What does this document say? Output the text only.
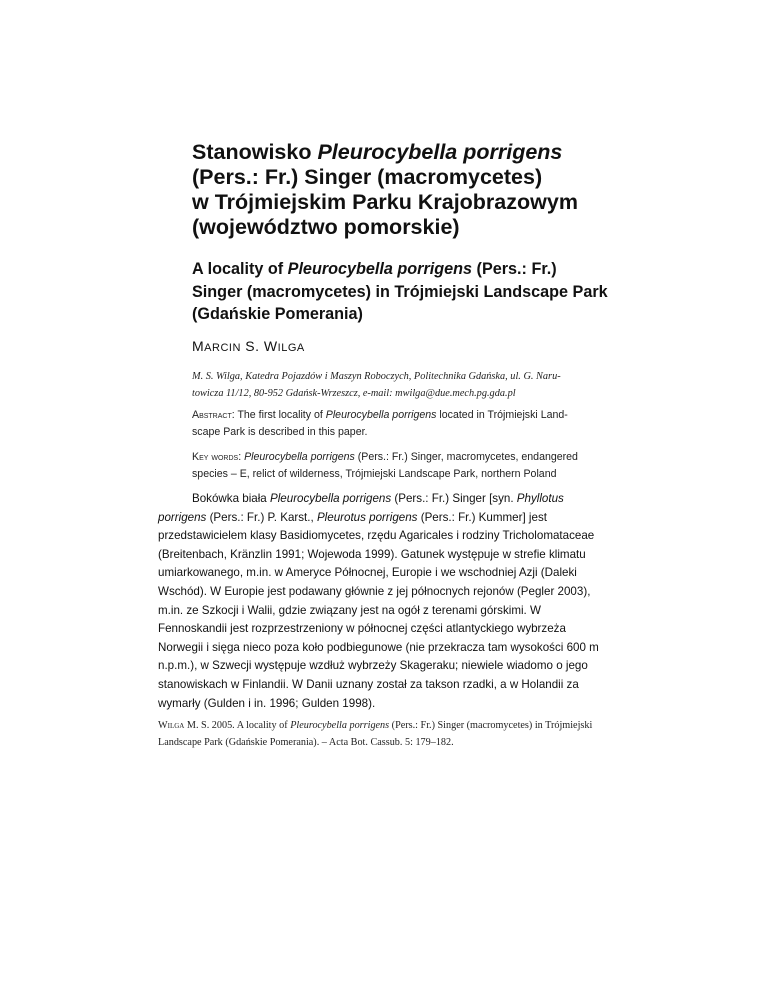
Stanowisko Pleurocybella porrigens
(Pers.: Fr.) Singer (macromycetes)
w Trójmiejskim Parku Krajobrazowym
(województwo pomorskie)
A locality of Pleurocybella porrigens (Pers.: Fr.)
Singer (macromycetes) in Trójmiejski Landscape Park
(Gdańskie Pomerania)
MARCIN S. WILGA
M. S. Wilga, Katedra Pojazdów i Maszyn Roboczych, Politechnika Gdańska, ul. G. Naru-
towicza 11/12, 80-952 Gdańsk-Wrzeszcz, e-mail: mwilga@due.mech.pg.gda.pl
Abstract: The first locality of Pleurocybella porrigens located in Trójmiejski Land-
scape Park is described in this paper.
Key words: Pleurocybella porrigens (Pers.: Fr.) Singer, macromycetes, endangered
species – E, relict of wilderness, Trójmiejski Landscape Park, northern Poland
Bokówka biała Pleurocybella porrigens (Pers.: Fr.) Singer [syn. Phyllotus porrigens (Pers.: Fr.) P. Karst., Pleurotus porrigens (Pers.: Fr.) Kummer] jest przedstawicielem klasy Basidiomycetes, rzędu Agaricales i rodziny Tricholomataceae (Breitenbach, Kränzlin 1991; Wojewoda 1999). Gatunek występuje w strefie klimatu umiarkowanego, m.in. w Ameryce Północnej, Europie i we wschodniej Azji (Daleki Wschód). W Europie jest podawany głównie z jej północnych rejonów (Pegler 2003), m.in. ze Szkocji i Walii, gdzie związany jest na ogół z terenami górskimi. W Fennoskandii jest rozprzestrzeniony w północnej części atlantyckiego wybrzeża Norwegii i sięga nieco poza koło podbiegunowe (nie przekracza tam wysokości 600 m n.p.m.), w Szwecji występuje wzdłuż wybrzeży Skageraku; niewiele wiadomo o jego stanowiskach w Finlandii. W Danii uznany został za takson rzadki, a w Holandii za wymarły (Gulden i in. 1996; Gulden 1998).
Wilga M. S. 2005. A locality of Pleurocybella porrigens (Pers.: Fr.) Singer (macromycetes) in Trójmiejski Landscape Park (Gdańskie Pomerania). – Acta Bot. Cassub. 5: 179–182.
